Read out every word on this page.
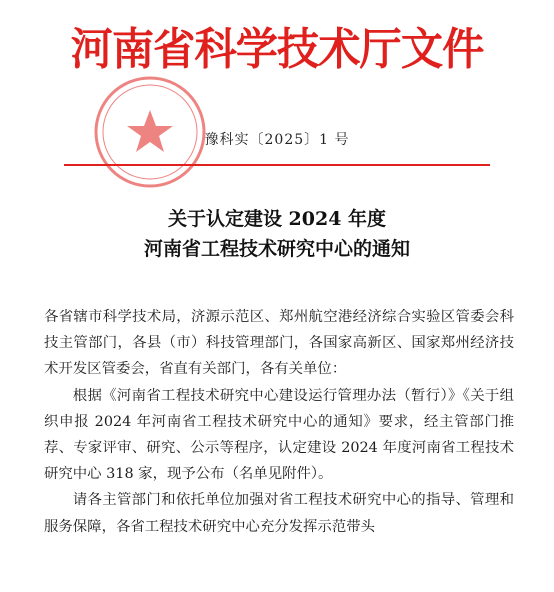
河南省科学技术厅文件
豫科实〔2025〕1 号
关于认定建设 2024 年度
河南省工程技术研究中心的通知

各省辖市科学技术局，济源示范区、郑州航空港经济综合实验区管委会科技主管部门，各县（市）科技管理部门，各国家高新区、国家郑州经济技术开发区管委会，省直有关部门，各有关单位：

根据《河南省工程技术研究中心建设运行管理办法（暂行）》《关于组织申报 2024 年河南省工程技术研究中心的通知》要求，经主管部门推荐、专家评审、研究、公示等程序，认定建设 2024 年度河南省工程技术研究中心 318 家，现予公布（名单见附件）。

请各主管部门和依托单位加强对省工程技术研究中心的指导、管理和服务保障，各省工程技术研究中心充分发挥示范带头
